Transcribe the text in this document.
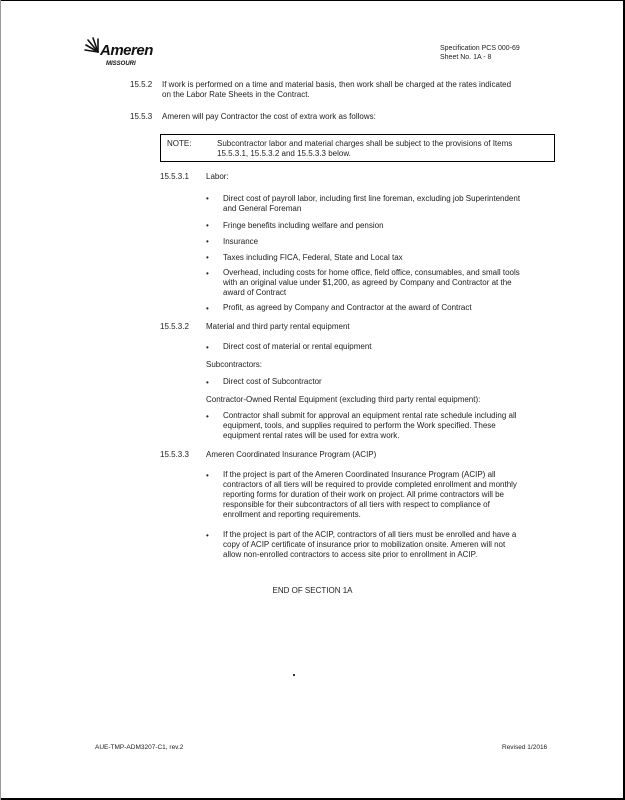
Ameren
MISSOURI
Specification PCS 000-69
Sheet No. 1A - 8
15.5.2 If work is performed on a time and material basis, then work shall be charged at the rates indicated
on the Labor Rate Sheets in the Contract.
15.5.3 Ameren will pay Contractor the cost of extra work as follows:
NOTE:	Subcontractor labor and material charges shall be subject to the provisions of Items
15.5.3.1, 15.5.3.2 and 15.5.3.3 below.
15.5.3.1 Labor:
• Direct cost of payroll labor, including first line foreman, excluding job Superintendent
and General Foreman
• Fringe benefits including welfare and pension
• Insurance
• Taxes including FICA, Federal, State and Local tax
• Overhead, including costs for home office, field office, consumables, and small tools
with an original value under $1,200, as agreed by Company and Contractor at the
award of Contract
• Profit, as agreed by Company and Contractor at the award of Contract
15.5.3.2 Material and third party rental equipment
• Direct cost of material or rental equipment
Subcontractors:
• Direct cost of Subcontractor
Contractor-Owned Rental Equipment (excluding third party rental equipment):
• Contractor shall submit for approval an equipment rental rate schedule including all
equipment, tools, and supplies required to perform the Work specified. These
equipment rental rates will be used for extra work.
15.5.3.3 Ameren Coordinated Insurance Program (ACIP)
• If the project is part of the Ameren Coordinated Insurance Program (ACIP) all
contractors of all tiers will be required to provide completed enrollment and monthly
reporting forms for duration of their work on project. All prime contractors will be
responsible for their subcontractors of all tiers with respect to compliance of
enrollment and reporting requirements.
• If the project is part of the ACIP, contractors of all tiers must be enrolled and have a
copy of ACIP certificate of insurance prior to mobilization onsite. Ameren will not
allow non-enrolled contractors to access site prior to enrollment in ACIP.
END OF SECTION 1A
AUE-TMP-ADM3207-C1, rev.2	Revised 1/2016
